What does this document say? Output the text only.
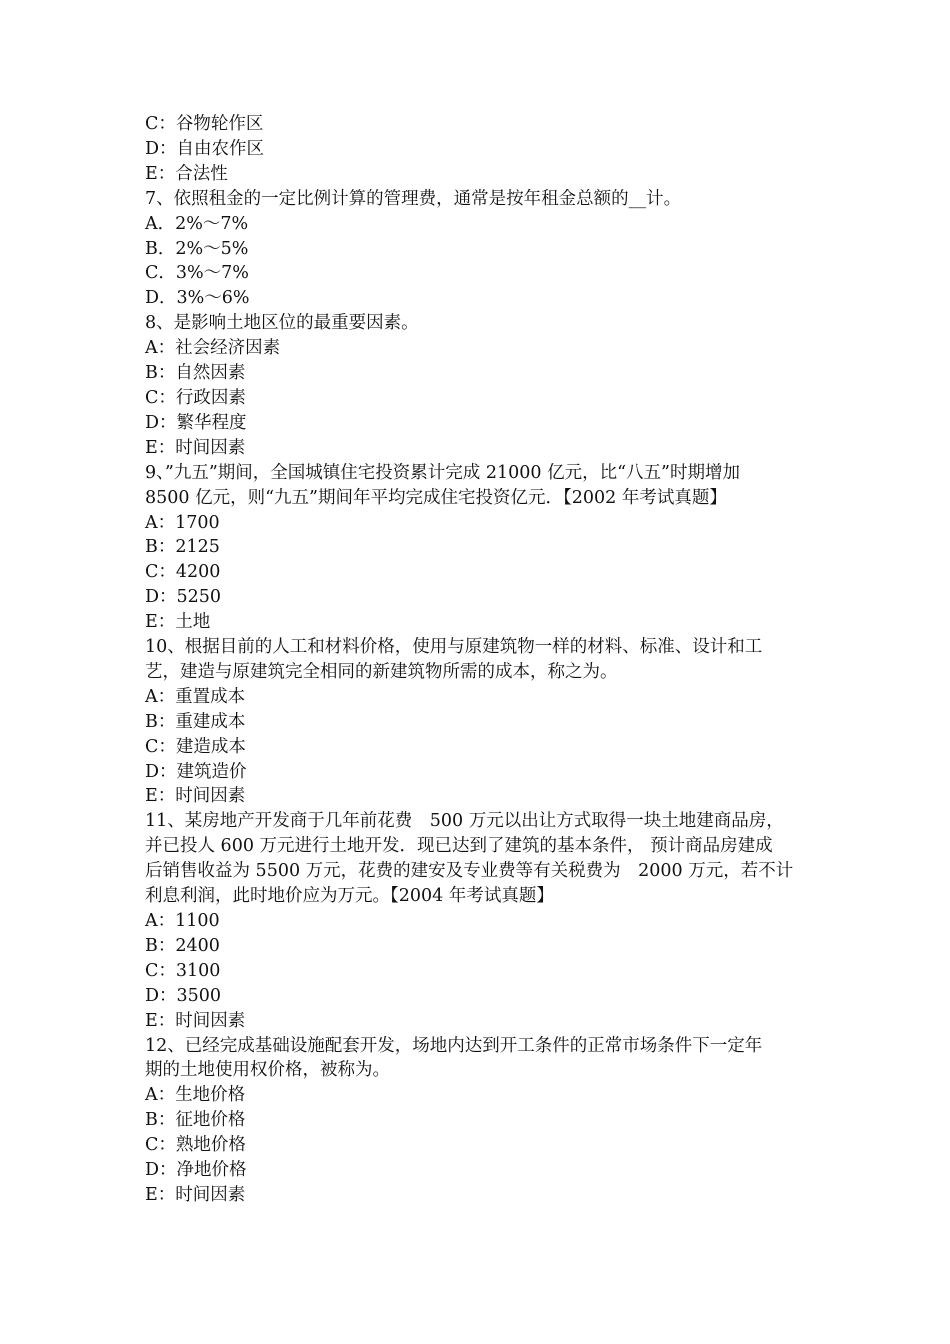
C：谷物轮作区
D：自由农作区
E：合法性
7、依照租金的一定比例计算的管理费，通常是按年租金总额的__计。
A．2%～7%
B．2%～5%
C．3%～7%
D．3%～6%
8、是影响土地区位的最重要因素。
A：社会经济因素
B：自然因素
C：行政因素
D：繁华程度
E：时间因素
9、”九五”期间，全国城镇住宅投资累计完成 21000 亿元，比“八五”时期增加
8500 亿元，则“九五”期间年平均完成住宅投资亿元．【2002 年考试真题】
A：1700
B：2125
C：4200
D：5250
E：土地
10、根据目前的人工和材料价格，使用与原建筑物一样的材料、标准、设计和工
艺，建造与原建筑完全相同的新建筑物所需的成本，称之为。
A：重置成本
B：重建成本
C：建造成本
D：建筑造价
E：时间因素
11、某房地产开发商于几年前花费　500 万元以出让方式取得一块土地建商品房，
并已投人 600 万元进行土地开发．现已达到了建筑的基本条件， 预计商品房建成
后销售收益为 5500 万元，花费的建安及专业费等有关税费为　2000 万元，若不计
利息利润，此时地价应为万元。【2004 年考试真题】
A：1100
B：2400
C：3100
D：3500
E：时间因素
12、已经完成基础设施配套开发，场地内达到开工条件的正常市场条件下一定年
期的土地使用权价格，被称为。
A：生地价格
B：征地价格
C：熟地价格
D：净地价格
E：时间因素
